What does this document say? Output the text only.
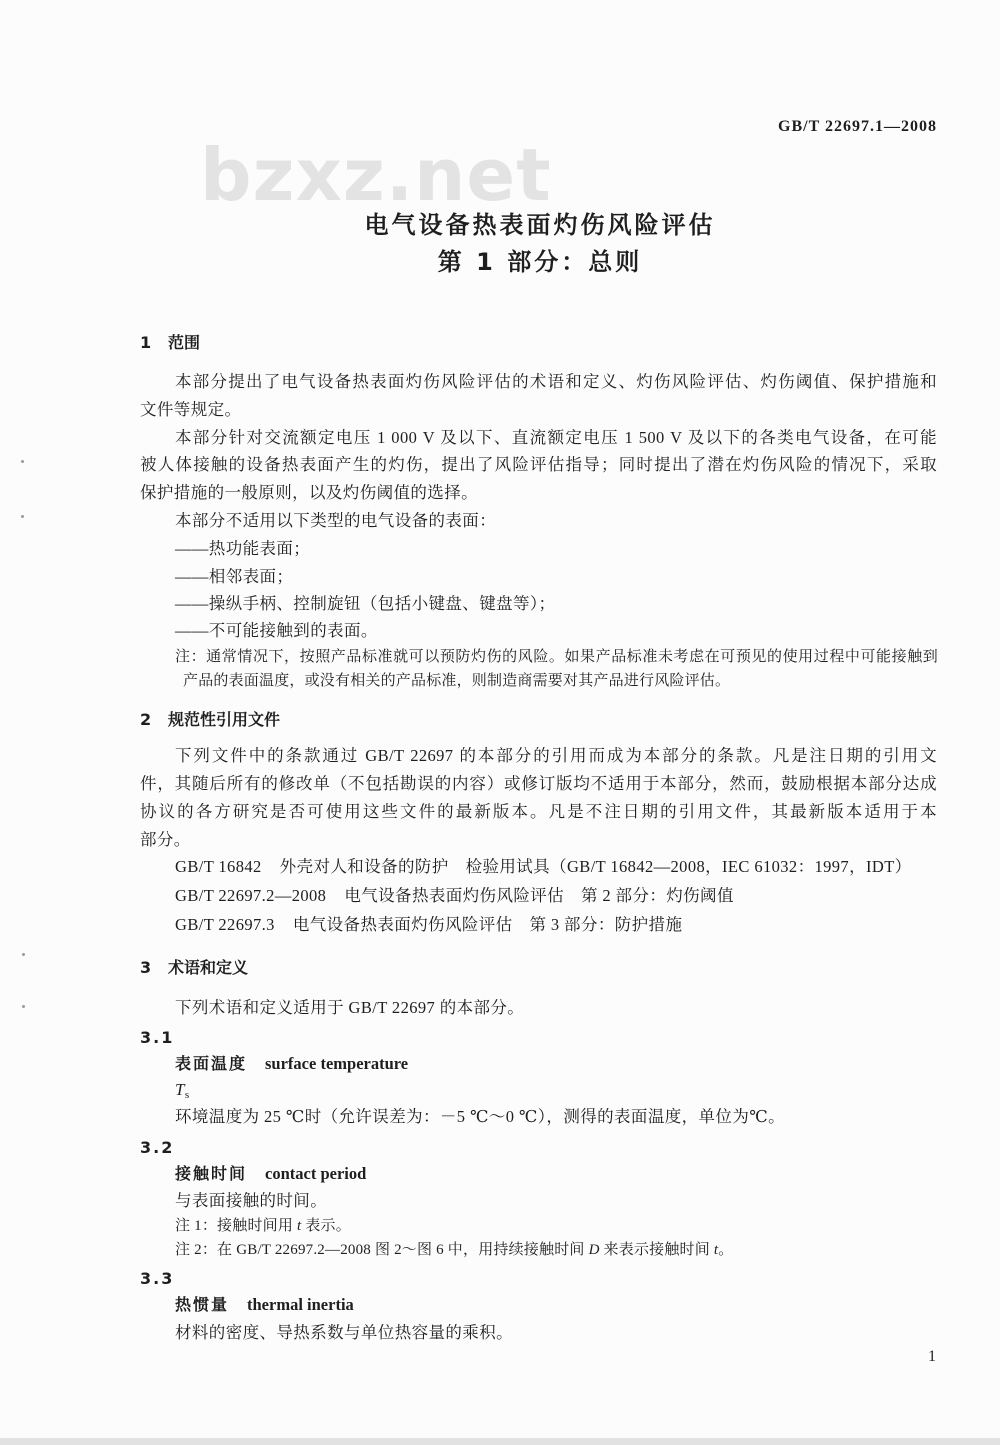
GB/T 22697.1—2008
bzxz.net
电气设备热表面灼伤风险评估
第 1 部分：总则
1 范围
本部分提出了电气设备热表面灼伤风险评估的术语和定义、灼伤风险评估、灼伤阈值、保护措施和
文件等规定。
本部分针对交流额定电压 1 000 V 及以下、直流额定电压 1 500 V 及以下的各类电气设备，在可能
被人体接触的设备热表面产生的灼伤，提出了风险评估指导；同时提出了潜在灼伤风险的情况下，采取
保护措施的一般原则，以及灼伤阈值的选择。
本部分不适用以下类型的电气设备的表面：
——热功能表面；
——相邻表面；
——操纵手柄、控制旋钮（包括小键盘、键盘等）；
——不可能接触到的表面。
注：通常情况下，按照产品标准就可以预防灼伤的风险。如果产品标准未考虑在可预见的使用过程中可能接触到
产品的表面温度，或没有相关的产品标准，则制造商需要对其产品进行风险评估。
2 规范性引用文件
下列文件中的条款通过 GB/T 22697 的本部分的引用而成为本部分的条款。凡是注日期的引用文
件，其随后所有的修改单（不包括勘误的内容）或修订版均不适用于本部分，然而，鼓励根据本部分达成
协议的各方研究是否可使用这些文件的最新版本。凡是不注日期的引用文件，其最新版本适用于本
部分。
GB/T 16842 外壳对人和设备的防护　检验用试具（GB/T 16842—2008，IEC 61032：1997，IDT）
GB/T 22697.2—2008 电气设备热表面灼伤风险评估　第 2 部分：灼伤阈值
GB/T 22697.3 电气设备热表面灼伤风险评估　第 3 部分：防护措施
3 术语和定义
下列术语和定义适用于 GB/T 22697 的本部分。
3.1
表面温度 surface temperature
Ts
环境温度为 25 ℃时（允许误差为：－5 ℃～0 ℃），测得的表面温度，单位为℃。
3.2
接触时间 contact period
与表面接触的时间。
注 1：接触时间用 t 表示。
注 2：在 GB/T 22697.2—2008 图 2～图 6 中，用持续接触时间 D 来表示接触时间 t。
3.3
热惯量 thermal inertia
材料的密度、导热系数与单位热容量的乘积。
1
